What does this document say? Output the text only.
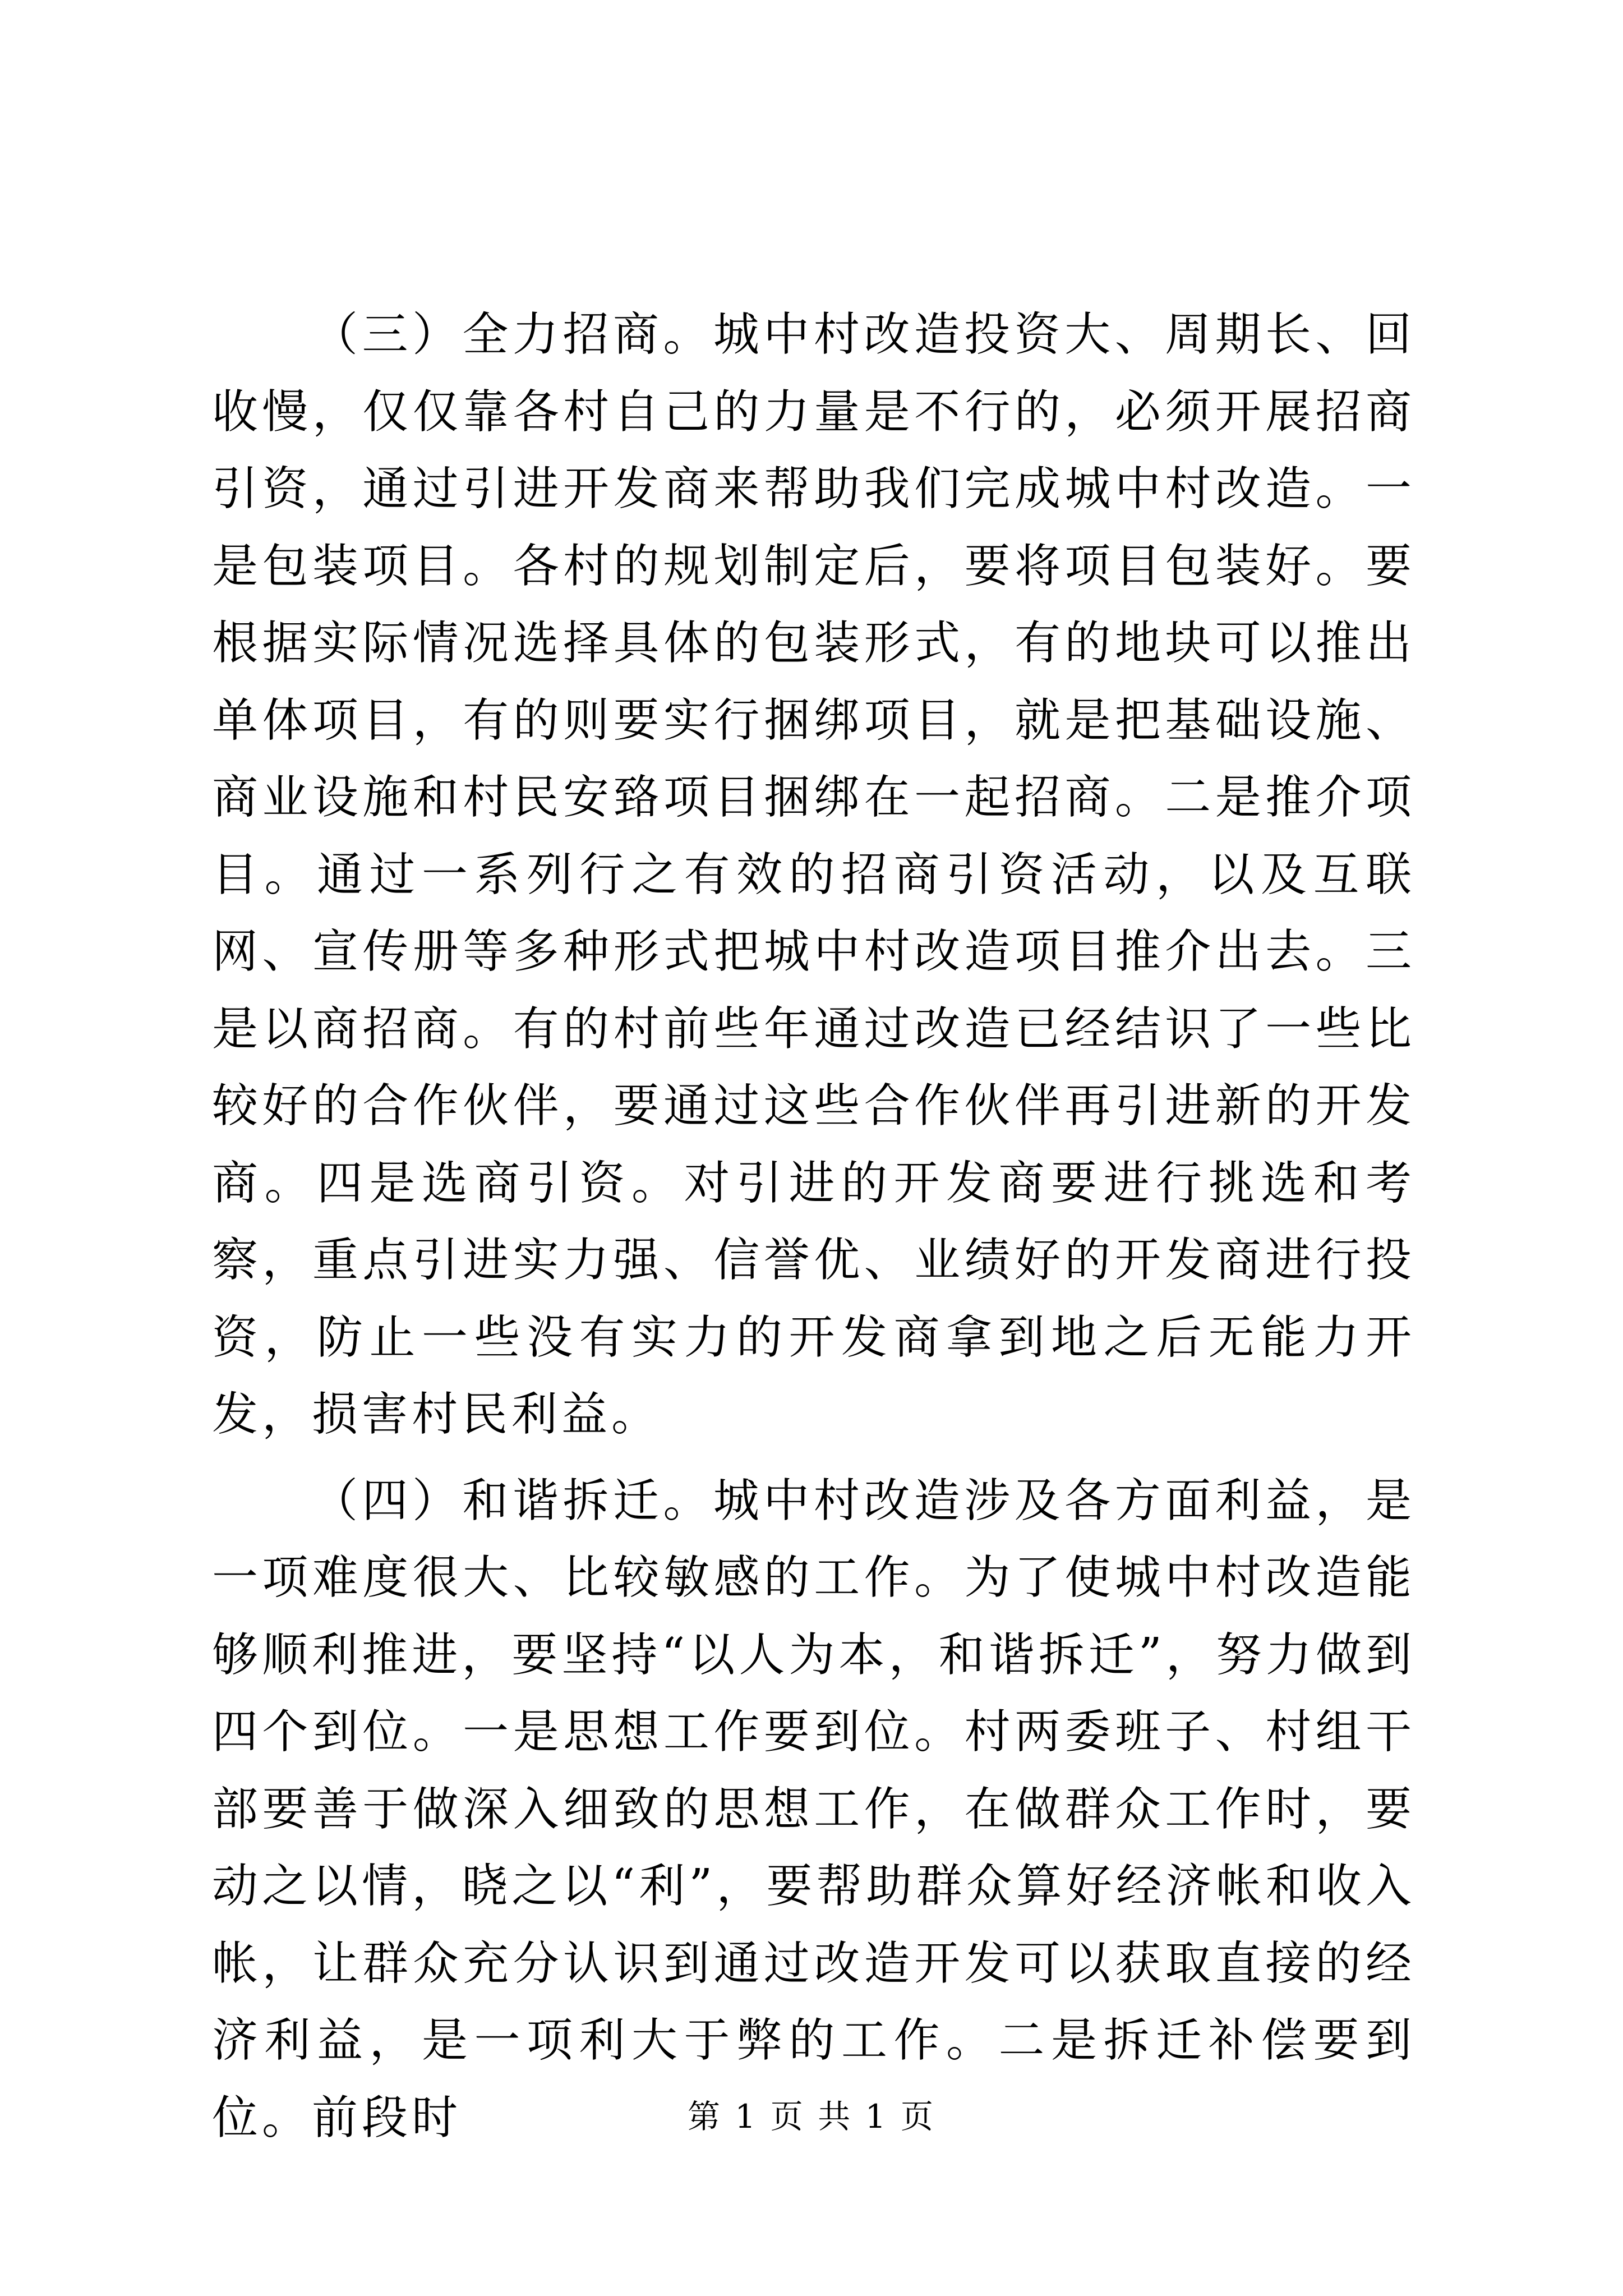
（三）全力招商。城中村改造投资大、周期长、回收慢，仅仅靠各村自己的力量是不行的，必须开展招商引资，通过引进开发商来帮助我们完成城中村改造。一是包装项目。各村的规划制定后，要将项目包装好。要根据实际情况选择具体的包装形式，有的地块可以推出单体项目，有的则要实行捆绑项目，就是把基础设施、商业设施和村民安臵项目捆绑在一起招商。二是推介项目。通过一系列行之有效的招商引资活动，以及互联网、宣传册等多种形式把城中村改造项目推介出去。三是以商招商。有的村前些年通过改造已经结识了一些比较好的合作伙伴，要通过这些合作伙伴再引进新的开发商。四是选商引资。对引进的开发商要进行挑选和考察，重点引进实力强、信誉优、业绩好的开发商进行投资，防止一些没有实力的开发商拿到地之后无能力开发，损害村民利益。

（四）和谐拆迁。城中村改造涉及各方面利益，是一项难度很大、比较敏感的工作。为了使城中村改造能够顺利推进，要坚持“以人为本，和谐拆迁”，努力做到四个到位。一是思想工作要到位。村两委班子、村组干部要善于做深入细致的思想工作，在做群众工作时，要动之以情，晓之以“利”，要帮助群众算好经济帐和收入帐，让群众充分认识到通过改造开发可以获取直接的经济利益，是一项利大于弊的工作。二是拆迁补偿要到位。前段时	第 1 页 共 1 页
